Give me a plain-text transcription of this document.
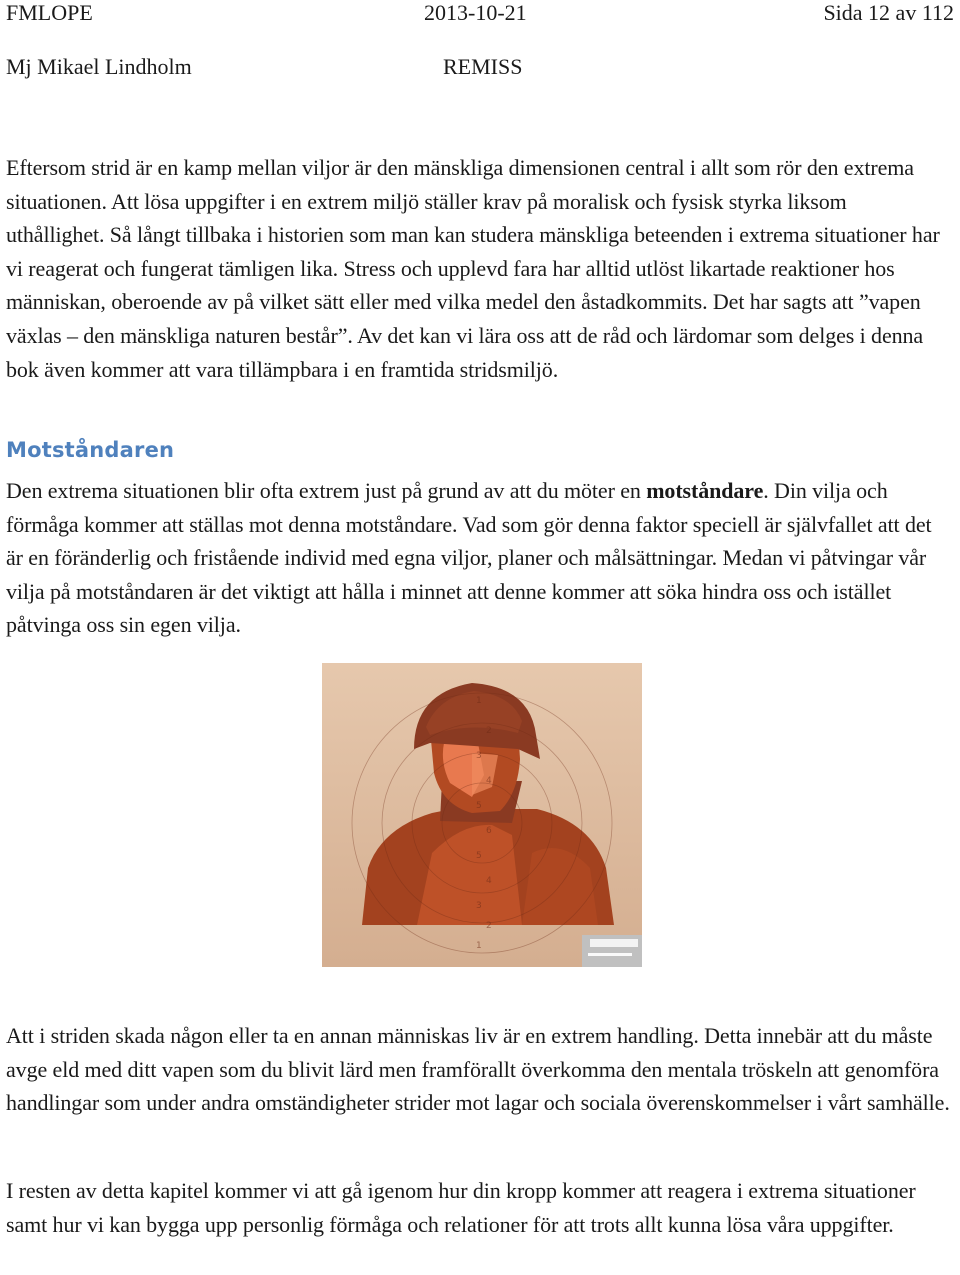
FMLOPE	2013-10-21	Sida 12 av 112
Mj Mikael Lindholm	REMISS

Eftersom strid är en kamp mellan viljor är den mänskliga dimensionen central i allt som rör den extrema situationen. Att lösa uppgifter i en extrem miljö ställer krav på moralisk och fysisk styrka liksom uthållighet. Så långt tillbaka i historien som man kan studera mänskliga beteenden i extrema situationer har vi reagerat och fungerat tämligen lika. Stress och upplevd fara har alltid utlöst likartade reaktioner hos människan, oberoende av på vilket sätt eller med vilka medel den åstadkommits. Det har sagts att ”vapen växlas – den mänskliga naturen består”. Av det kan vi lära oss att de råd och lärdomar som delges i denna bok även kommer att vara tillämpbara i en framtida stridsmiljö.

Motståndaren

Den extrema situationen blir ofta extrem just på grund av att du möter en motståndare. Din vilja och förmåga kommer att ställas mot denna motståndare. Vad som gör denna faktor speciell är självfallet att det är en föränderlig och fristående individ med egna viljor, planer och målsättningar. Medan vi påtvingar vår vilja på motståndaren är det viktigt att hålla i minnet att denne kommer att söka hindra oss och istället påtvinga oss sin egen vilja.

1
2
3
4
5
6
5
4
3
2
1

Att i striden skada någon eller ta en annan människas liv är en extrem handling. Detta innebär att du måste avge eld med ditt vapen som du blivit lärd men framförallt överkomma den mentala tröskeln att genomföra handlingar som under andra omständigheter strider mot lagar och sociala överenskommelser i vårt samhälle.

I resten av detta kapitel kommer vi att gå igenom hur din kropp kommer att reagera i extrema situationer samt hur vi kan bygga upp personlig förmåga och relationer för att trots allt kunna lösa våra uppgifter.
